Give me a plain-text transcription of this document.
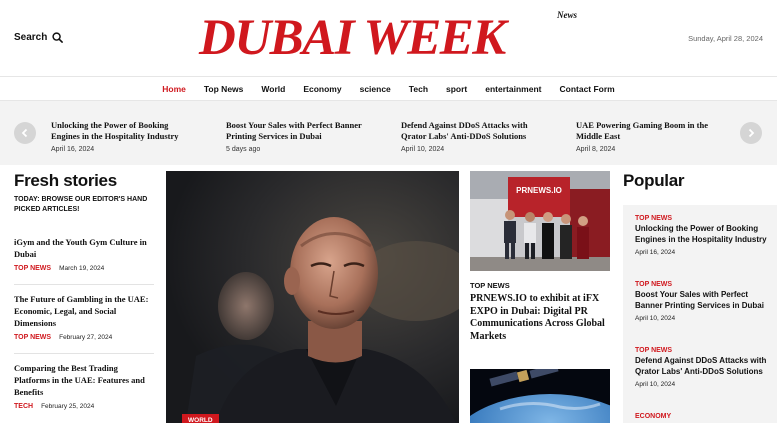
Search	DUBAI WEEK	News
Sunday, April 28, 2024
Home Top News World Economy science Tech sport entertainment Contact Form
Unlocking the Power of Booking Engines in the Hospitality Industry
April 16, 2024
Boost Your Sales with Perfect Banner Printing Services in Dubai
5 days ago
Defend Against DDoS Attacks with Qrator Labs' Anti-DDoS Solutions
April 10, 2024
UAE Powering Gaming Boom in the Middle East
April 8, 2024
Fresh stories
TODAY: BROWSE OUR EDITOR'S HAND PICKED ARTICLES!
iGym and the Youth Gym Culture in Dubai
TOP NEWS March 19, 2024
The Future of Gambling in the UAE: Economic, Legal, and Social Dimensions
TOP NEWS February 27, 2024
Comparing the Best Trading Platforms in the UAE: Features and Benefits
TECH February 25, 2024
WORLD
PRNEWS.IO
TOP NEWS
PRNEWS.IO to exhibit at iFX EXPO in Dubai: Digital PR Communications Across Global Markets
Popular
TOP NEWS
Unlocking the Power of Booking Engines in the Hospitality Industry
April 16, 2024
TOP NEWS
Boost Your Sales with Perfect Banner Printing Services in Dubai
April 10, 2024
TOP NEWS
Defend Against DDoS Attacks with Qrator Labs' Anti-DDoS Solutions
April 10, 2024
ECONOMY
